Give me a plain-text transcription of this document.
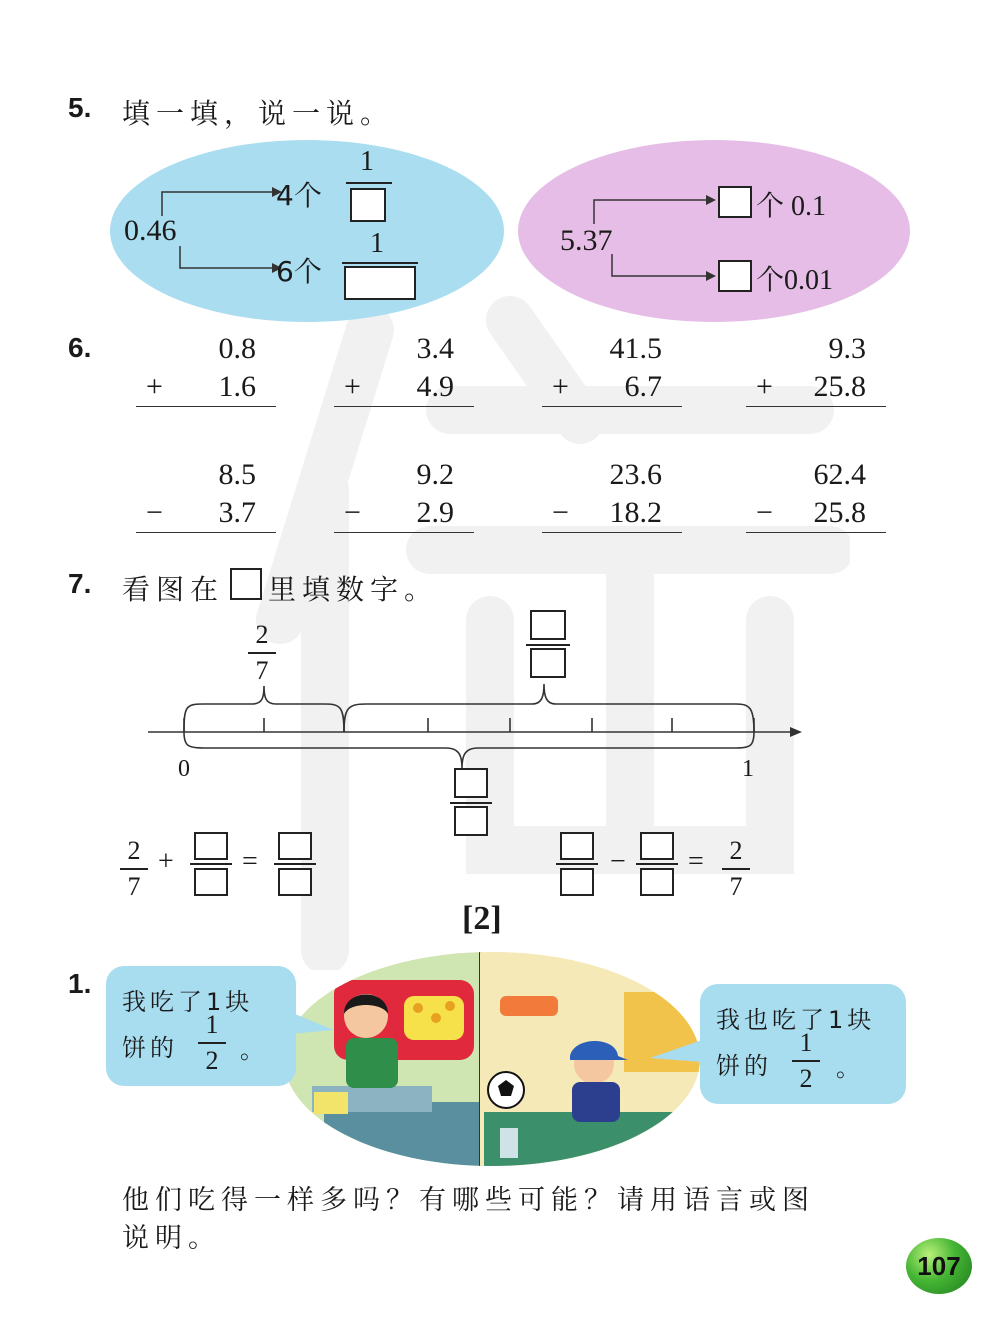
5. 填一填，说一说。
0.46
4个
6个
1
1	5.37
个 0.1
个0.01
6.	0.8
+ 1.6
3.4
+ 4.9
41.5
+ 6.7
9.3
+ 25.8
8.5
− 3.7
9.2
− 2.9
23.6
− 18.2
62.4
− 25.8
7. 看图在 里填数字。
2
7
0	1
2
7
+ =	− = 2
7
[2]
1.
我吃了1块
饼的
1
2 。
我也吃了1块
饼的
1
2 。
他们吃得一样多吗？有哪些可能？请用语言或图
说明。
107
